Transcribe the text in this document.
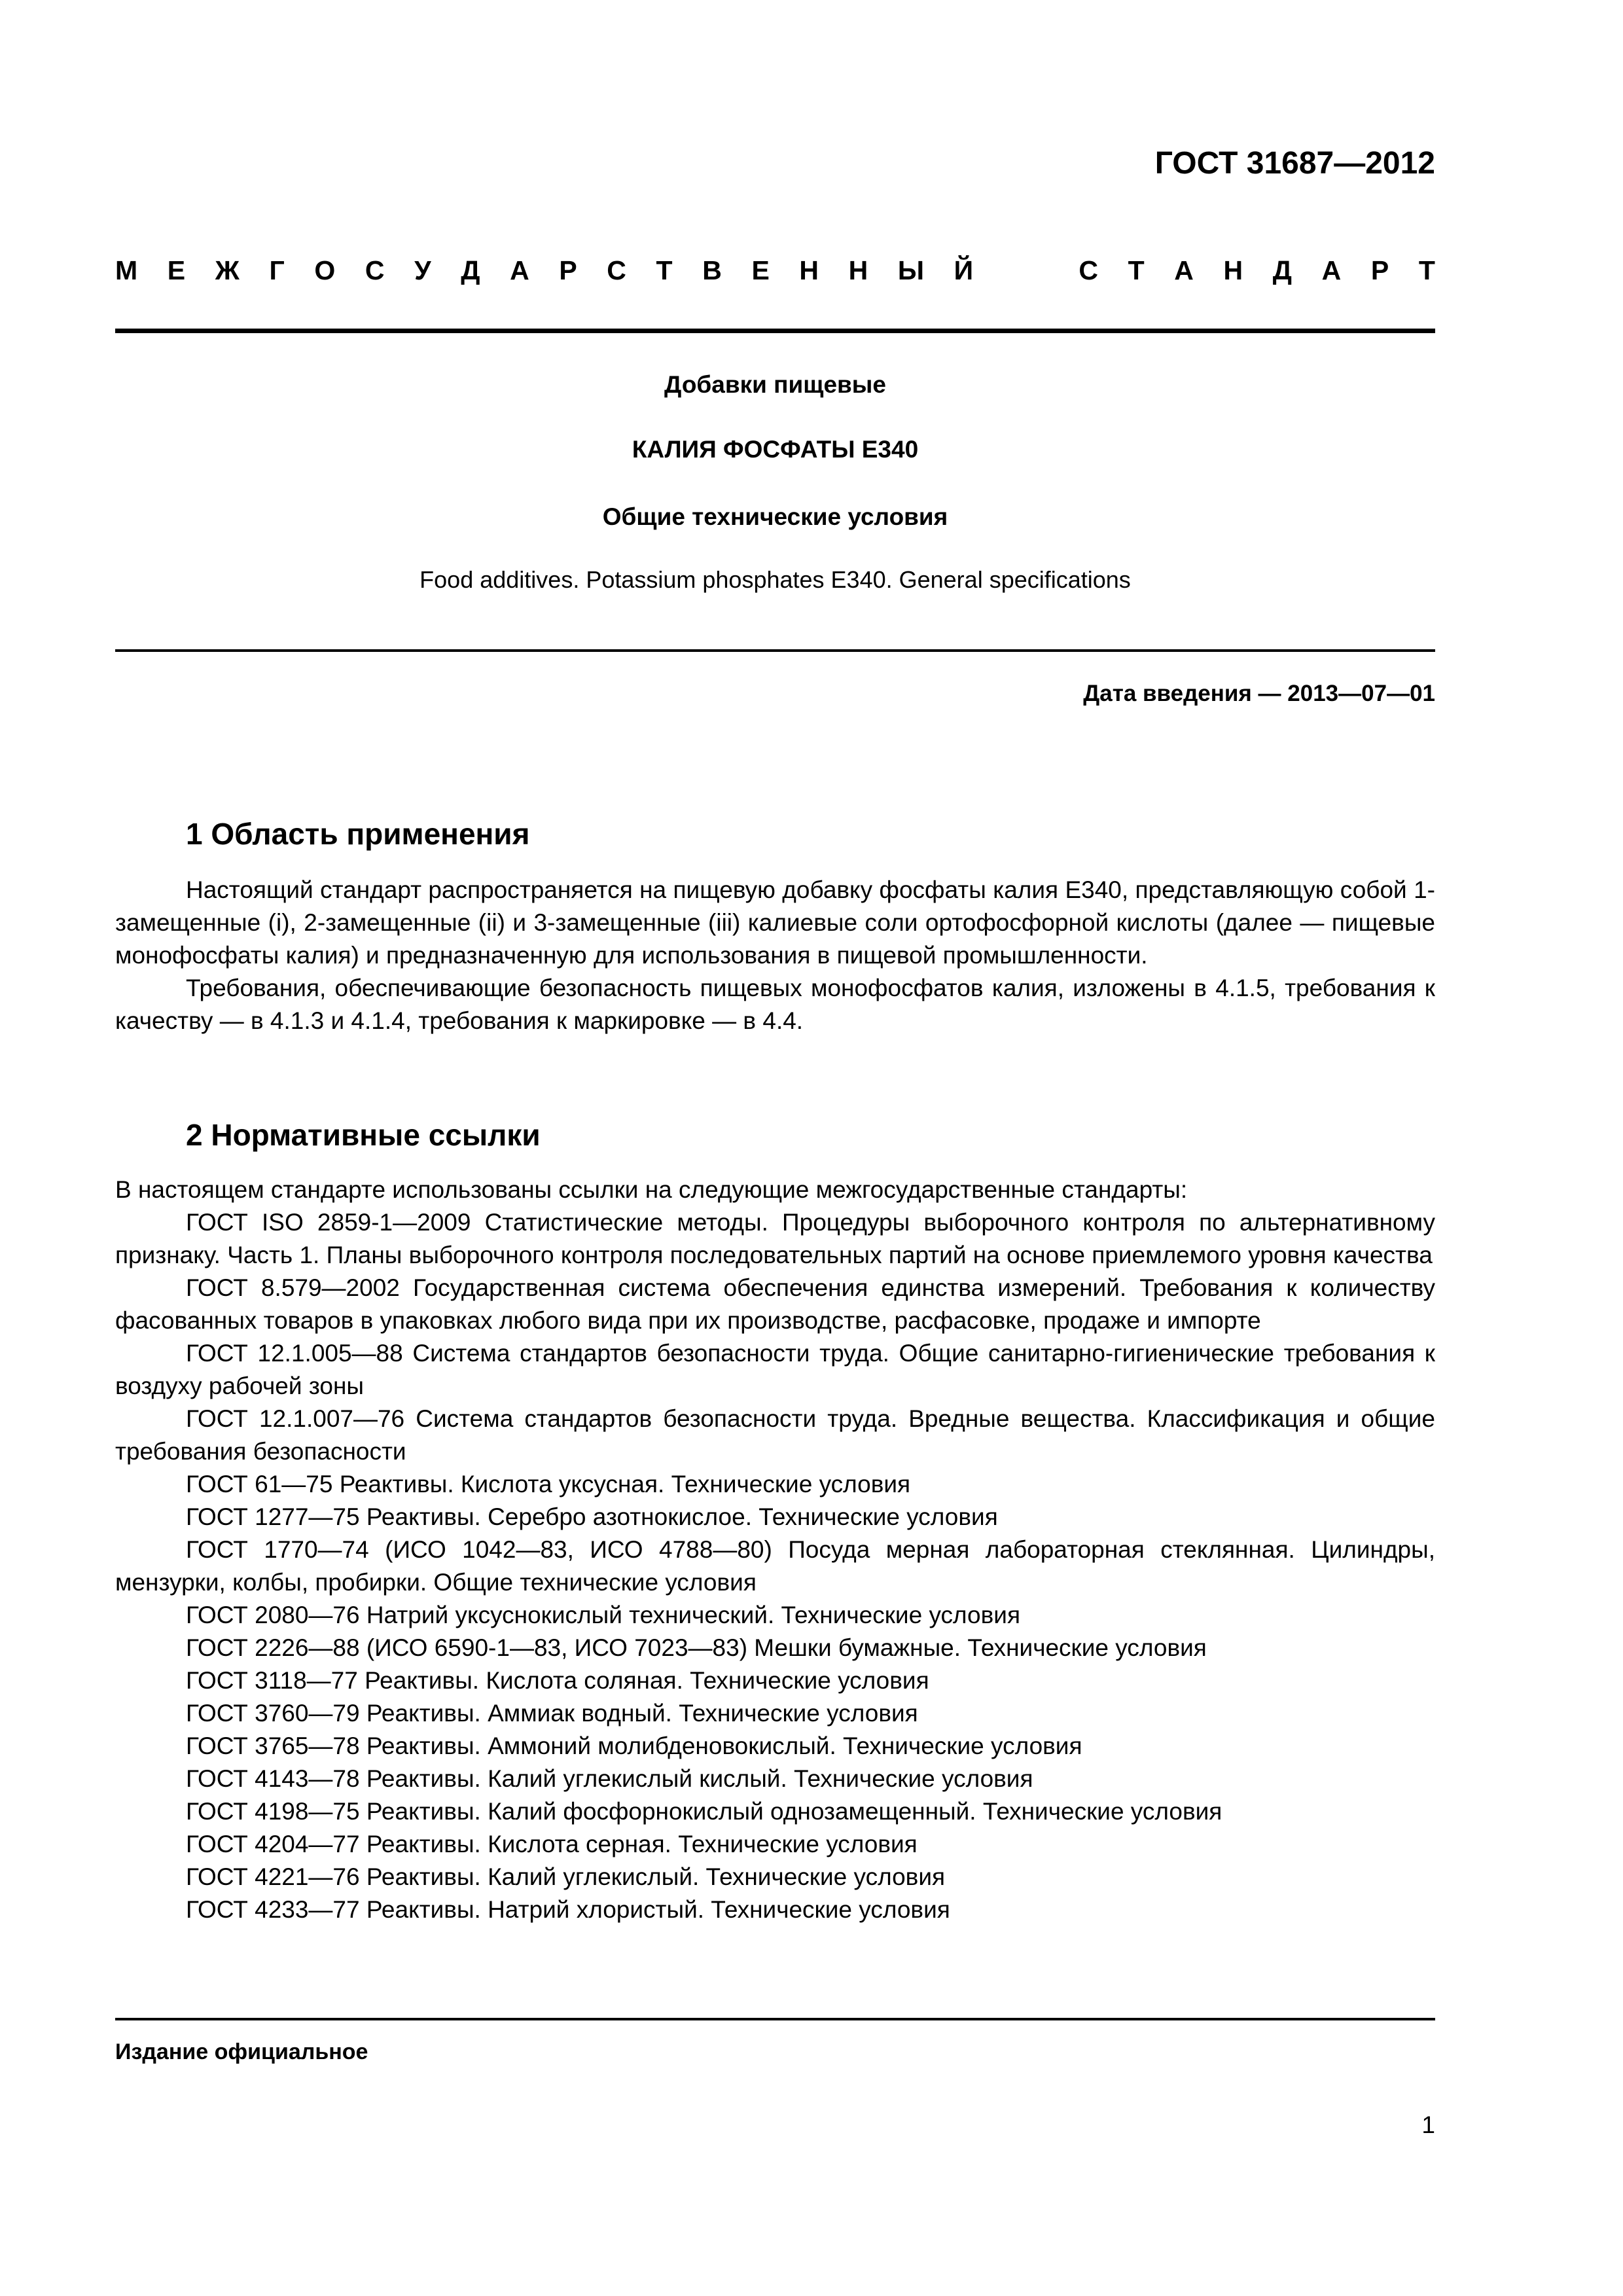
ГОСТ 31687—2012
М Е Ж Г О С У Д А Р С Т В Е Н Н Ы Й	С Т А Н Д А Р Т
Добавки пищевые
КАЛИЯ ФОСФАТЫ Е340
Общие технические условия
Food additives. Potassium phosphates E340. General specifications
Дата введения — 2013—07—01
1 Область применения

Настоящий стандарт распространяется на пищевую добавку фосфаты калия Е340, представляющую собой 1-замещенные (i), 2-замещенные (ii) и 3-замещенные (iii) калиевые соли ортофосфорной кислоты (далее — пищевые монофосфаты калия) и предназначенную для использования в пищевой промышленности.

Требования, обеспечивающие безопасность пищевых монофосфатов калия, изложены в 4.1.5, требования к качеству — в 4.1.3 и 4.1.4, требования к маркировке — в 4.4.

2 Нормативные ссылки

В настоящем стандарте использованы ссылки на следующие межгосударственные стандарты:

ГОСТ ISO 2859-1—2009 Статистические методы. Процедуры выборочного контроля по альтернативному признаку. Часть 1. Планы выборочного контроля последовательных партий на основе приемлемого уровня качества

ГОСТ 8.579—2002 Государственная система обеспечения единства измерений. Требования к количеству фасованных товаров в упаковках любого вида при их производстве, расфасовке, продаже и импорте

ГОСТ 12.1.005—88 Система стандартов безопасности труда. Общие санитарно-гигиенические требования к воздуху рабочей зоны

ГОСТ 12.1.007—76 Система стандартов безопасности труда. Вредные вещества. Классификация и общие требования безопасности

ГОСТ 61—75 Реактивы. Кислота уксусная. Технические условия

ГОСТ 1277—75 Реактивы. Серебро азотнокислое. Технические условия

ГОСТ 1770—74 (ИСО 1042—83, ИСО 4788—80) Посуда мерная лабораторная стеклянная. Цилиндры, мензурки, колбы, пробирки. Общие технические условия

ГОСТ 2080—76 Натрий уксуснокислый технический. Технические условия

ГОСТ 2226—88 (ИСО 6590-1—83, ИСО 7023—83) Мешки бумажные. Технические условия

ГОСТ 3118—77 Реактивы. Кислота соляная. Технические условия

ГОСТ 3760—79 Реактивы. Аммиак водный. Технические условия

ГОСТ 3765—78 Реактивы. Аммоний молибденовокислый. Технические условия

ГОСТ 4143—78 Реактивы. Калий углекислый кислый. Технические условия

ГОСТ 4198—75 Реактивы. Калий фосфорнокислый однозамещенный. Технические условия

ГОСТ 4204—77 Реактивы. Кислота серная. Технические условия

ГОСТ 4221—76 Реактивы. Калий углекислый. Технические условия

ГОСТ 4233—77 Реактивы. Натрий хлористый. Технические условия

Издание официальное
1
